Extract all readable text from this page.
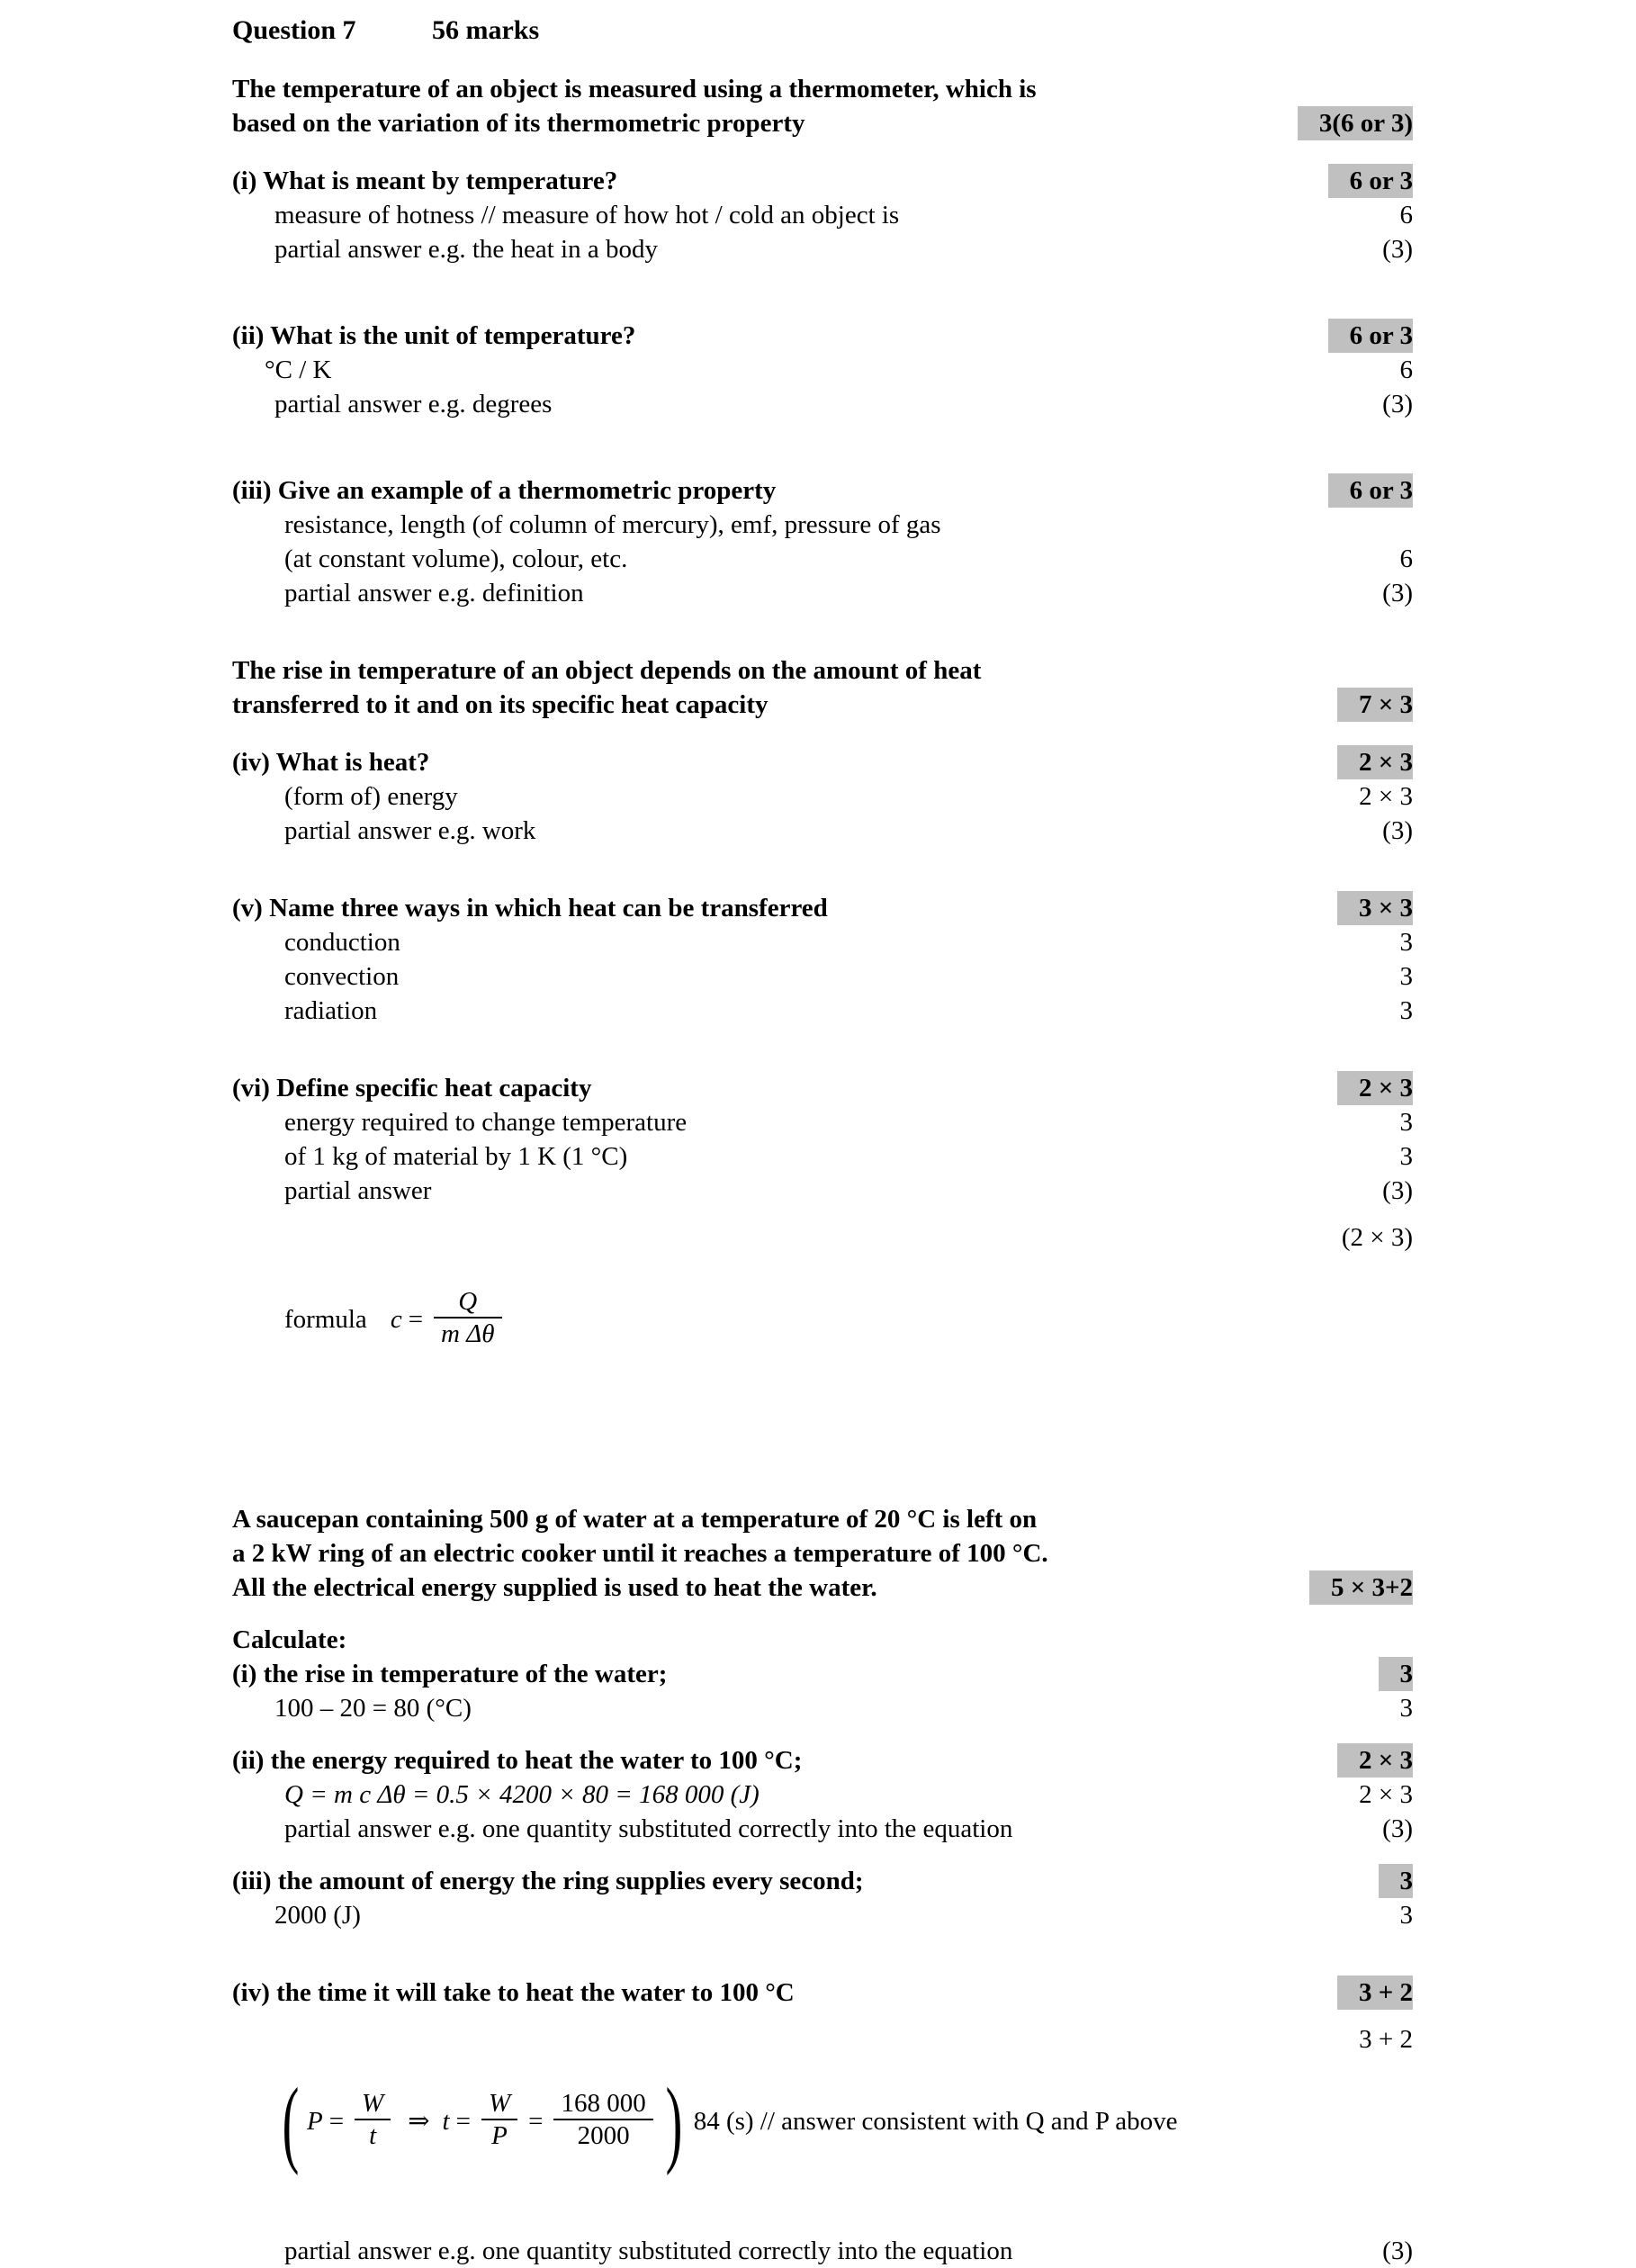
Question 7	56 marks
The temperature of an object is measured using a thermometer, which is
based on the variation of its thermometric property	3(6 or 3)
(i) What is meant by temperature?	6 or 3
measure of hotness // measure of how hot / cold an object is	6
partial answer e.g. the heat in a body	(3)
(ii) What is the unit of temperature?	6 or 3
°C / K	6
partial answer e.g. degrees	(3)
(iii) Give an example of a thermometric property	6 or 3
resistance, length (of column of mercury), emf, pressure of gas
(at constant volume), colour, etc.	6
partial answer e.g. definition	(3)
The rise in temperature of an object depends on the amount of heat
transferred to it and on its specific heat capacity	7 × 3
(iv) What is heat?	2 × 3
(form of) energy	2 × 3
partial answer e.g. work	(3)
(v) Name three ways in which heat can be transferred	3 × 3
conduction	3
convection	3
radiation	3
(vi) Define specific heat capacity	2 × 3
energy required to change temperature	3
of 1 kg of material by 1 K (1 °C)	3
partial answer	(3)

formula $c = \frac{Q}{\text{m Δθ}}$

(2 × 3)
A saucepan containing 500 g of water at a temperature of 20 °C is left on
a 2 kW ring of an electric cooker until it reaches a temperature of 100 °C.
All the electrical energy supplied is used to heat the water.	5 × 3+2
Calculate:
(i) the rise in temperature of the water;	3
100 – 20 = 80 (°C)	3
(ii) the energy required to heat the water to 100 °C;	2 × 3
Q = m c Δθ = 0.5 × 4200 × 80 = 168 000 (J)	2 × 3
partial answer e.g. one quantity substituted correctly into the equation	(3)
(iii) the amount of energy the ring supplies every second;	3
2000 (J)	3
(iv) the time it will take to heat the water to 100 °C	3 + 2

( $P = \frac{W}{t}$ ⇒ $t = \frac{W}{P} = \frac{168 000}{2000}$ ) 84 (s) // answer consistent with Q and P above

3 + 2
partial answer e.g. one quantity substituted correctly into the equation	(3)
